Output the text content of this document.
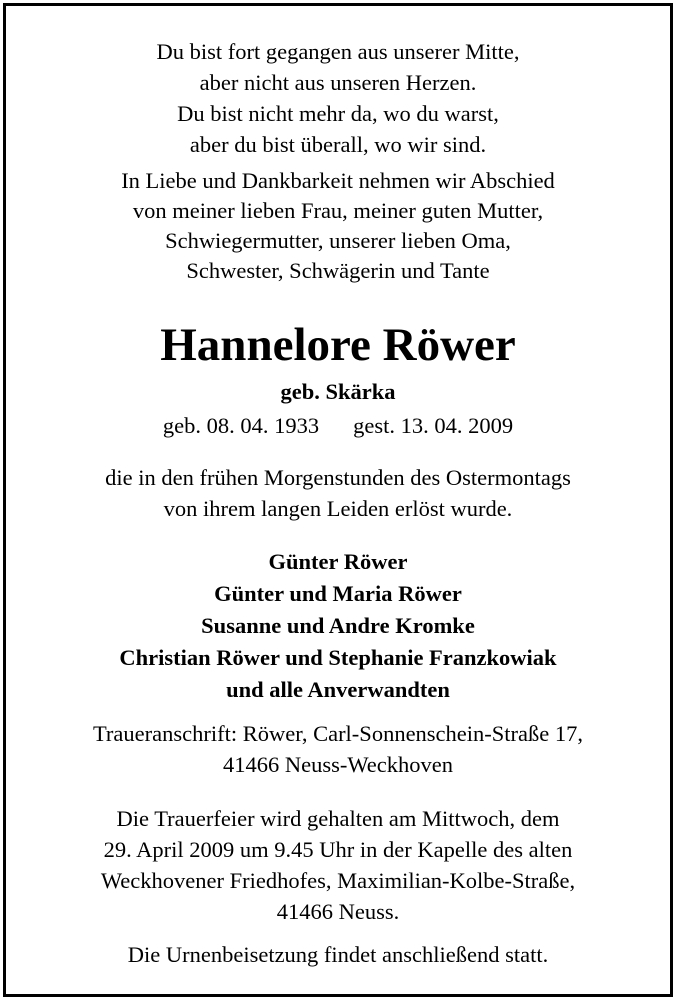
Du bist fort gegangen aus unserer Mitte,
aber nicht aus unseren Herzen.
Du bist nicht mehr da, wo du warst,
aber du bist überall, wo wir sind.
In Liebe und Dankbarkeit nehmen wir Abschied
von meiner lieben Frau, meiner guten Mutter,
Schwiegermutter, unserer lieben Oma,
Schwester, Schwägerin und Tante
Hannelore Röwer
geb. Skärka
geb. 08. 04. 1933 gest. 13. 04. 2009
die in den frühen Morgenstunden des Ostermontags
von ihrem langen Leiden erlöst wurde.
Günter Röwer
Günter und Maria Röwer
Susanne und Andre Kromke
Christian Röwer und Stephanie Franzkowiak
und alle Anverwandten
Traueranschrift: Röwer, Carl-Sonnenschein-Straße 17,
41466 Neuss-Weckhoven
Die Trauerfeier wird gehalten am Mittwoch, dem
29. April 2009 um 9.45 Uhr in der Kapelle des alten
Weckhovener Friedhofes, Maximilian-Kolbe-Straße,
41466 Neuss.
Die Urnenbeisetzung findet anschließend statt.
